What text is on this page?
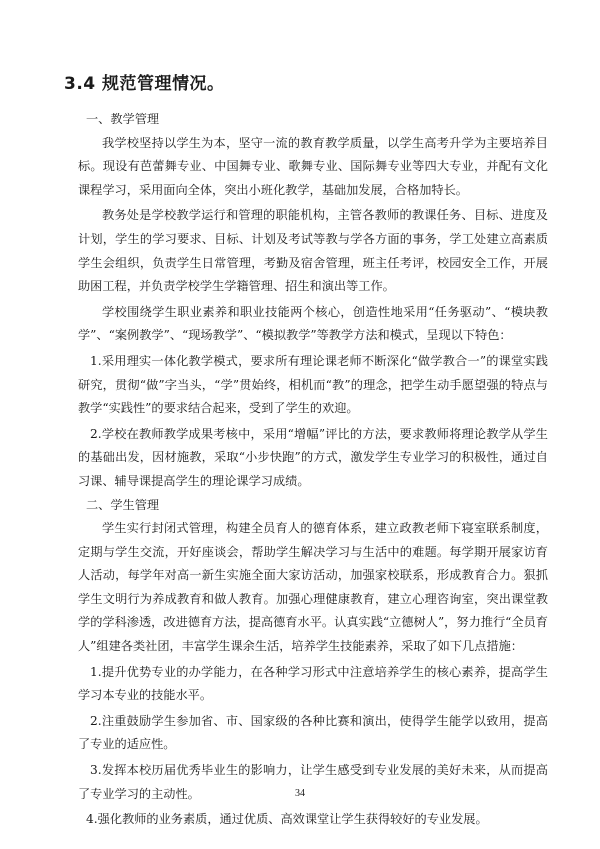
3.4 规范管理情况。

一、教学管理

我学校坚持以学生为本，坚守一流的教育教学质量，以学生高考升学为主要培养目标。现设有芭蕾舞专业、中国舞专业、歌舞专业、国际舞专业等四大专业，并配有文化课程学习，采用面向全体，突出小班化教学，基础加发展，合格加特长。

教务处是学校教学运行和管理的职能机构，主管各教师的教课任务、目标、进度及计划，学生的学习要求、目标、计划及考试等教与学各方面的事务，学工处建立高素质学生会组织，负责学生日常管理，考勤及宿舍管理，班主任考评，校园安全工作，开展助困工程，并负责学校学生学籍管理、招生和演出等工作。

学校围绕学生职业素养和职业技能两个核心，创造性地采用“任务驱动”、“模块教学”、“案例教学”、“现场教学”、“模拟教学”等教学方法和模式，呈现以下特色：

1.采用理实一体化教学模式，要求所有理论课老师不断深化“做学教合一”的课堂实践研究，贯彻“做”字当头，“学”贯始终，相机而“教”的理念，把学生动手愿望强的特点与教学“实践性”的要求结合起来，受到了学生的欢迎。

2.学校在教师教学成果考核中，采用“增幅”评比的方法，要求教师将理论教学从学生的基础出发，因材施教，采取“小步快跑”的方式，激发学生专业学习的积极性，通过自习课、辅导课提高学生的理论课学习成绩。

二、学生管理

学生实行封闭式管理，构建全员育人的德育体系，建立政教老师下寝室联系制度，定期与学生交流，开好座谈会，帮助学生解决学习与生活中的难题。每学期开展家访育人活动，每学年对高一新生实施全面大家访活动，加强家校联系，形成教育合力。狠抓学生文明行为养成教育和做人教育。加强心理健康教育，建立心理咨询室，突出课堂教学的学科渗透，改进德育方法，提高德育水平。认真实践“立德树人”，努力推行“全员育人”组建各类社团，丰富学生课余生活，培养学生技能素养，采取了如下几点措施：

1.提升优势专业的办学能力，在各种学习形式中注意培养学生的核心素养，提高学生学习本专业的技能水平。

2.注重鼓励学生参加省、市、国家级的各种比赛和演出，使得学生能学以致用，提高了专业的适应性。

3.发挥本校历届优秀毕业生的影响力，让学生感受到专业发展的美好未来，从而提高了专业学习的主动性。

4.强化教师的业务素质，通过优质、高效课堂让学生获得较好的专业发展。

34
